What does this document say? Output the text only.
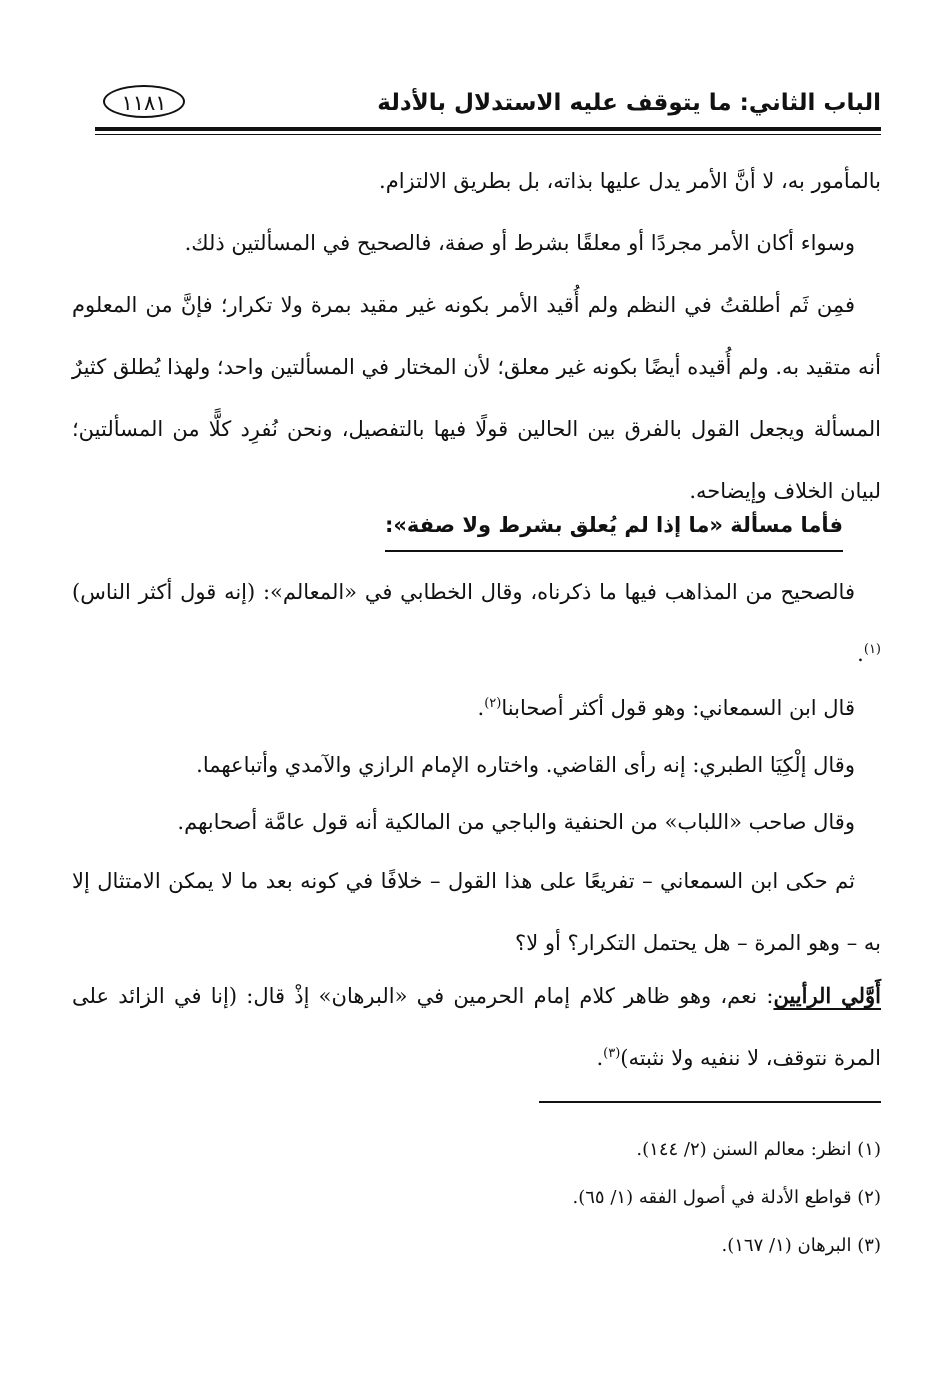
الباب الثاني: ما يتوقف عليه الاستدلال بالأدلة
١١٨١

بالمأمور به، لا أنَّ الأمر يدل عليها بذاته، بل بطريق الالتزام.

وسواء أكان الأمر مجردًا أو معلقًا بشرط أو صفة، فالصحيح في المسألتين ذلك.

فمِن ثَم أطلقتُ في النظم ولم أُقيد الأمر بكونه غير مقيد بمرة ولا تكرار؛ فإنَّ من المعلوم أنه متقيد به. ولم أُقيده أيضًا بكونه غير معلق؛ لأن المختار في المسألتين واحد؛ ولهذا يُطلق كثيرٌ المسألة ويجعل القول بالفرق بين الحالين قولًا فيها بالتفصيل، ونحن نُفرِد كلًّا من المسألتين؛ لبيان الخلاف وإيضاحه.

فأما مسألة «ما إذا لم يُعلق بشرط ولا صفة»:

فالصحيح من المذاهب فيها ما ذكرناه، وقال الخطابي في «المعالم»: (إنه قول أكثر الناس)$^{(١)}$.

قال ابن السمعاني: وهو قول أكثر أصحابنا$^{(٢)}$.

وقال إلْكِيَا الطبري: إنه رأى القاضي. واختاره الإمام الرازي والآمدي وأتباعهما.

وقال صاحب «اللباب» من الحنفية والباجي من المالكية أنه قول عامَّة أصحابهم.

ثم حكى ابن السمعاني – تفريعًا على هذا القول – خلافًا في كونه بعد ما لا يمكن الامتثال إلا به – وهو المرة – هل يحتمل التكرار؟ أو لا؟

أَوَّلي الرأيين: نعم، وهو ظاهر كلام إمام الحرمين في «البرهان» إذْ قال: (إنا في الزائد على المرة نتوقف، لا ننفيه ولا نثبته)$^{(٣)}$.

(١) انظر: معالم السنن (٢/ ١٤٤).
(٢) قواطع الأدلة في أصول الفقه (١/ ٦٥).
(٣) البرهان (١/ ١٦٧).
